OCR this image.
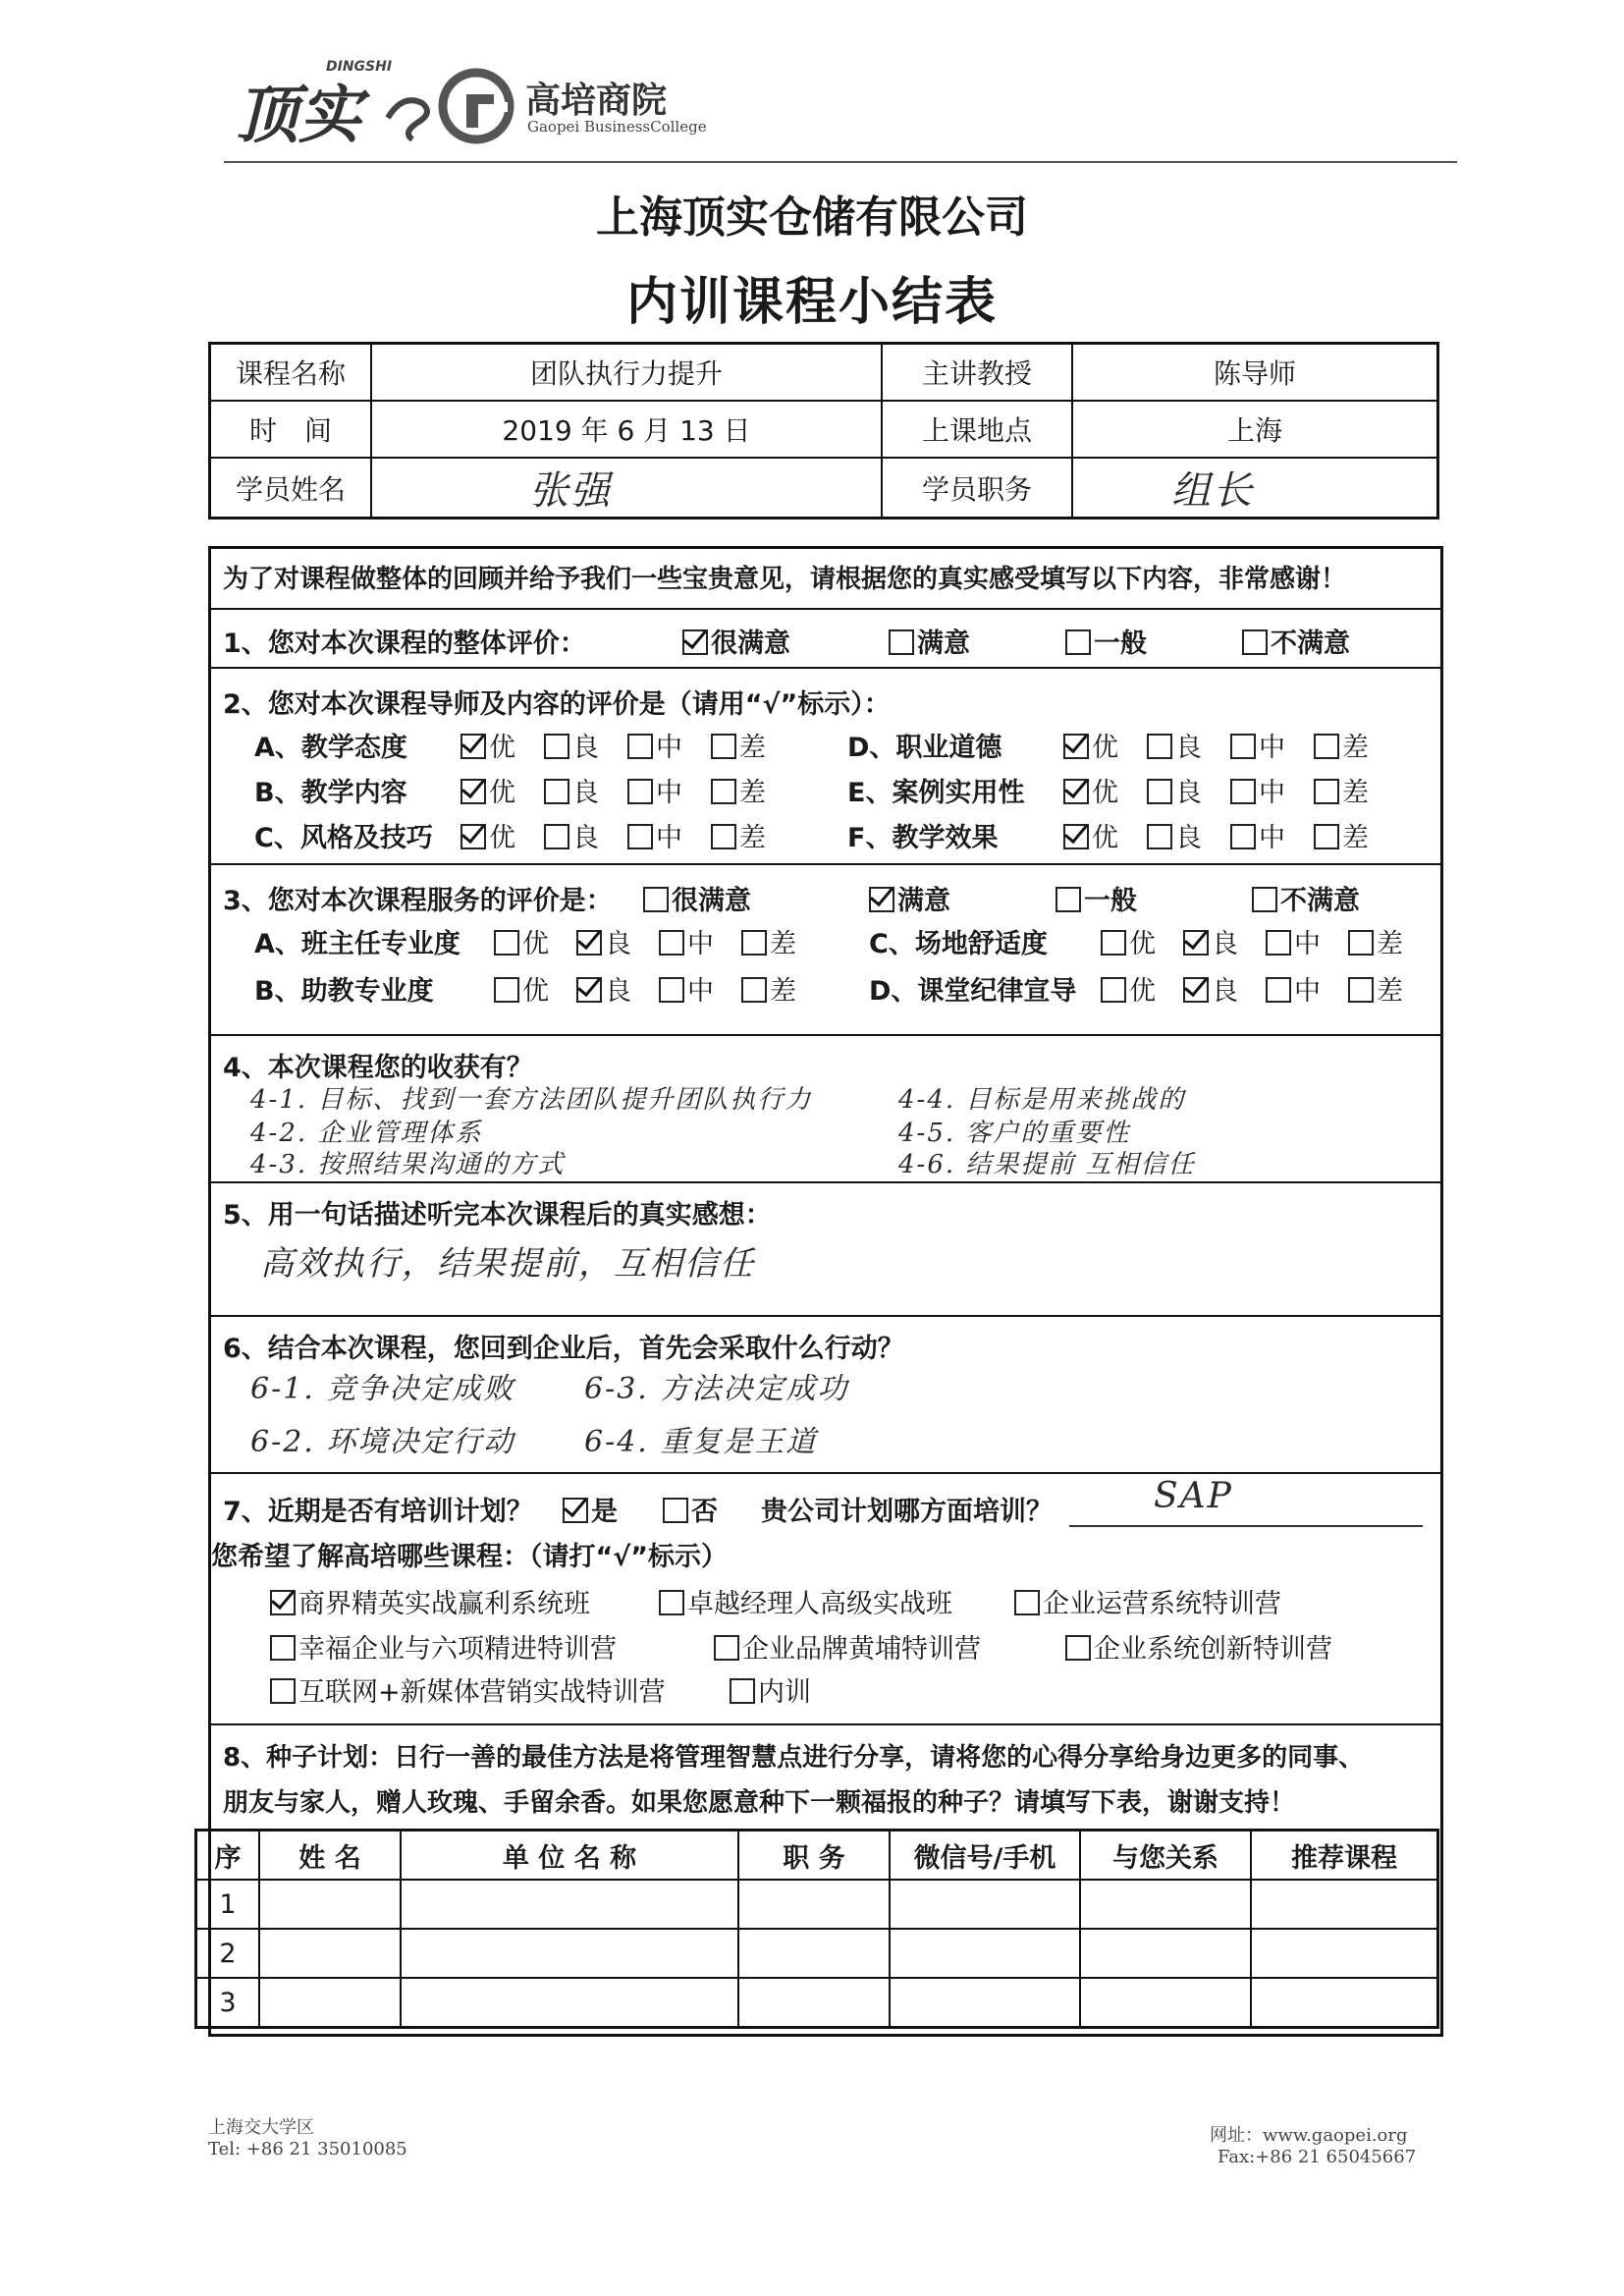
顶实
DINGSHI
高培商院
Gaopei BusinessCollege
上海顶实仓储有限公司
内训课程小结表
课程名称	团队执行力提升	主讲教授	陈导师
时　间	2019 年 6 月 13 日	上课地点	上海
学员姓名	张强	学员职务	组长
为了对课程做整体的回顾并给予我们一些宝贵意见，请根据您的真实感受填写以下内容，非常感谢！
1、您对本次课程的整体评价：	很满意	满意	一般	不满意
2、您对本次课程导师及内容的评价是（请用“√”标示）：
A、教学态度	优	良	中	差
B、教学内容	优	良	中	差
C、风格及技巧	优	良	中	差
D、职业道德	优	良	中	差
E、案例实用性	优	良	中	差
F、教学效果	优	良	中	差
3、您对本次课程服务的评价是：	很满意	满意	一般	不满意
A、班主任专业度	优	良	中	差
B、助教专业度	优	良	中	差
C、场地舒适度	优	良	中	差
D、课堂纪律宣导	优	良	中	差
4、本次课程您的收获有？
4-1. 目标、找到一套方法团队提升团队执行力
4-2. 企业管理体系
4-3. 按照结果沟通的方式
4-4. 目标是用来挑战的
4-5. 客户的重要性
4-6. 结果提前 互相信任
5、用一句话描述听完本次课程后的真实感想：
高效执行，结果提前，互相信任
6、结合本次课程，您回到企业后，首先会采取什么行动？
6-1. 竞争决定成败
6-2. 环境决定行动
6-3. 方法决定成功
6-4. 重复是王道
7、近期是否有培训计划？	是	否 贵公司计划哪方面培训？	SAP
您希望了解高培哪些课程：（请打“√”标示）
商界精英实战赢利系统班	卓越经理人高级实战班	企业运营系统特训营
幸福企业与六项精进特训营	企业品牌黄埔特训营	企业系统创新特训营
互联网+新媒体营销实战特训营	内训
8、种子计划：日行一善的最佳方法是将管理智慧点进行分享，请将您的心得分享给身边更多的同事、
朋友与家人，赠人玫瑰、手留余香。如果您愿意种下一颗福报的种子？请填写下表，谢谢支持！
序	姓 名	单 位 名 称	职 务	微信号/手机	与您关系	推荐课程
1						
2						
3						
上海交大学区
Tel: +86 21 35010085
网址：www.gaopei.org
Fax:+86 21 65045667
